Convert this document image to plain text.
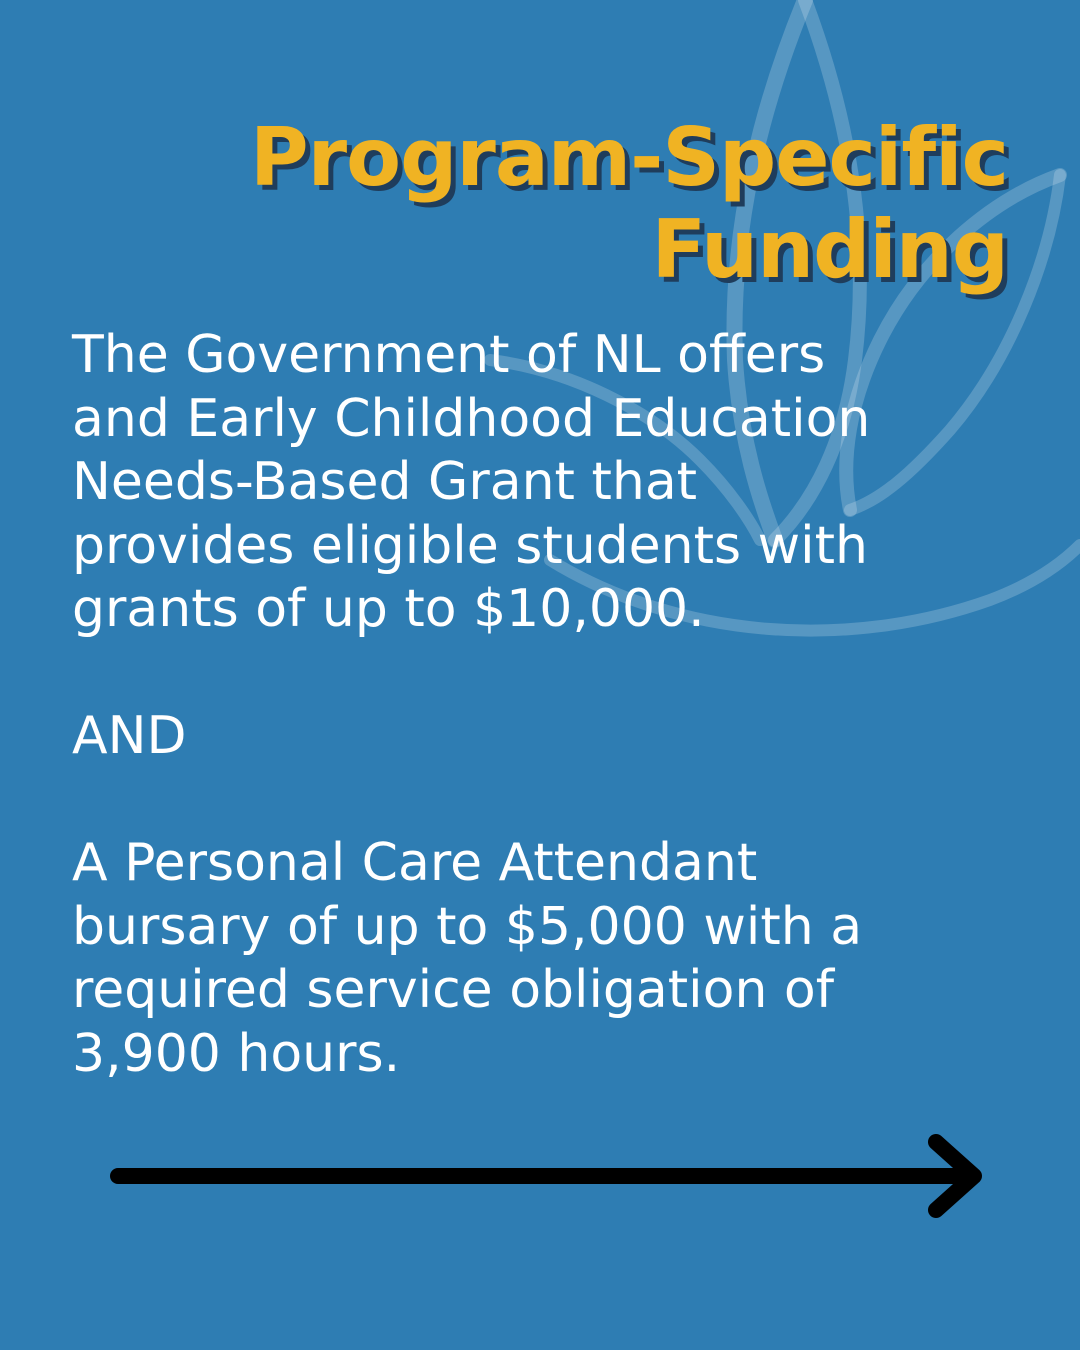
Program-Specific
Funding

The Government of NL offers
and Early Childhood Education
Needs-Based Grant that
provides eligible students with
grants of up to $10,000.

AND

A Personal Care Attendant
bursary of up to $5,000 with a
required service obligation of
3,900 hours.
